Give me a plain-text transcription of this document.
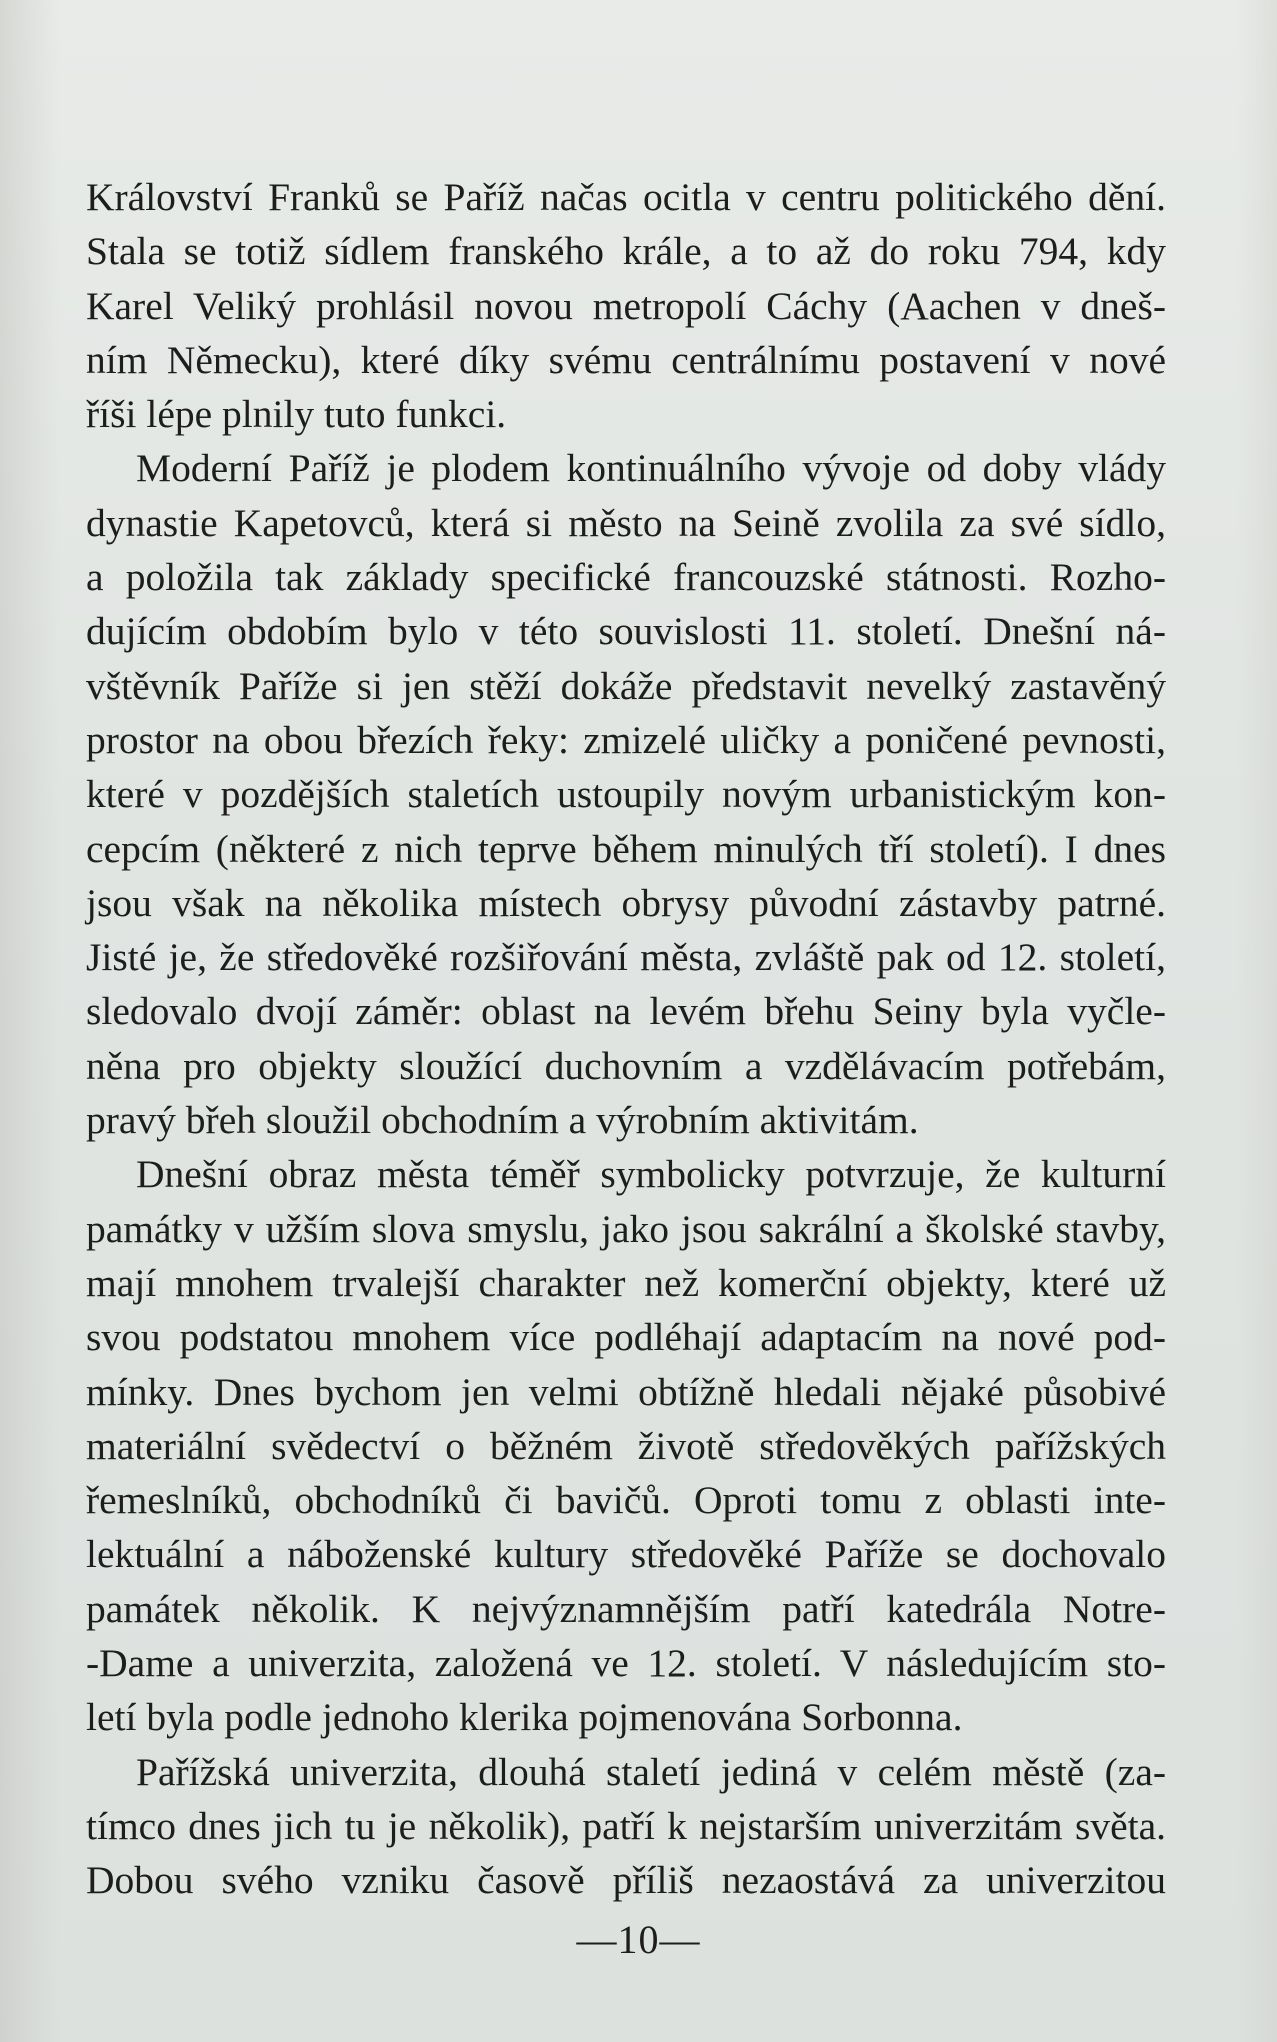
Království Franků se Paříž načas ocitla v centru politického dění.
Stala se totiž sídlem franského krále, a to až do roku 794, kdy
Karel Veliký prohlásil novou metropolí Cáchy (Aachen v dneš-
ním Německu), které díky svému centrálnímu postavení v nové
říši lépe plnily tuto funkci.
Moderní Paříž je plodem kontinuálního vývoje od doby vlády
dynastie Kapetovců, která si město na Seině zvolila za své sídlo,
a položila tak základy specifické francouzské státnosti. Rozho-
dujícím obdobím bylo v této souvislosti 11. století. Dnešní ná-
vštěvník Paříže si jen stěží dokáže představit nevelký zastavěný
prostor na obou březích řeky: zmizelé uličky a poničené pevnosti,
které v pozdějších staletích ustoupily novým urbanistickým kon-
cepcím (některé z nich teprve během minulých tří století). I dnes
jsou však na několika místech obrysy původní zástavby patrné.
Jisté je, že středověké rozšiřování města, zvláště pak od 12. století,
sledovalo dvojí záměr: oblast na levém břehu Seiny byla vyčle-
něna pro objekty sloužící duchovním a vzdělávacím potřebám,
pravý břeh sloužil obchodním a výrobním aktivitám.
Dnešní obraz města téměř symbolicky potvrzuje, že kulturní
památky v užším slova smyslu, jako jsou sakrální a školské stavby,
mají mnohem trvalejší charakter než komerční objekty, které už
svou podstatou mnohem více podléhají adaptacím na nové pod-
mínky. Dnes bychom jen velmi obtížně hledali nějaké působivé
materiální svědectví o běžném životě středověkých pařížských
řemeslníků, obchodníků či bavičů. Oproti tomu z oblasti inte-
lektuální a náboženské kultury středověké Paříže se dochovalo
památek několik. K nejvýznamnějším patří katedrála Notre-
-Dame a univerzita, založená ve 12. století. V následujícím sto-
letí byla podle jednoho klerika pojmenována Sorbonna.
Pařížská univerzita, dlouhá staletí jediná v celém městě (za-
tímco dnes jich tu je několik), patří k nejstarším univerzitám světa.
Dobou svého vzniku časově příliš nezaostává za univerzitou
—10—
